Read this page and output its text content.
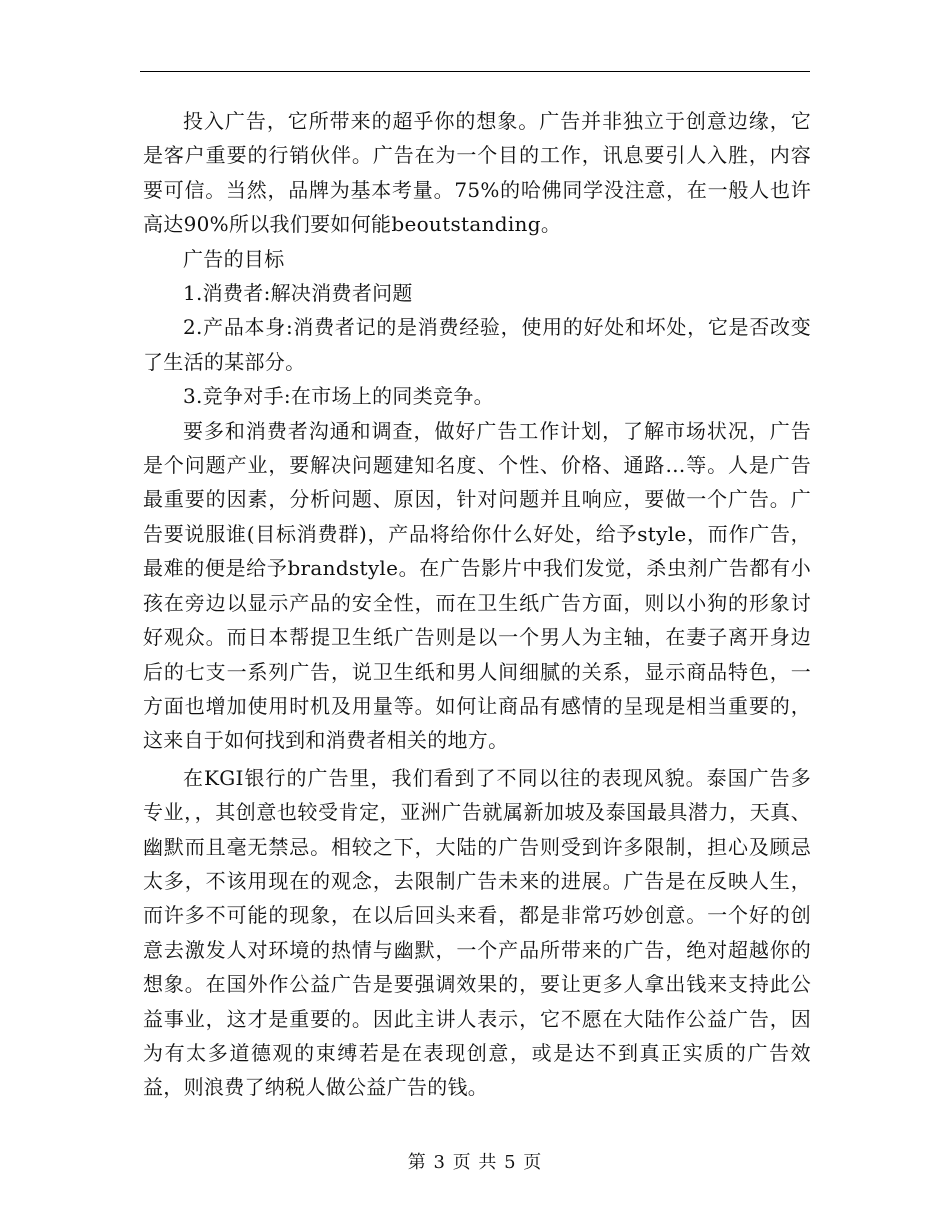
投入广告，它所带来的超乎你的想象。广告并非独立于创意边缘，它是客户重要的行销伙伴。广告在为一个目的工作，讯息要引人入胜，内容要可信。当然，品牌为基本考量。75%的哈佛同学没注意，在一般人也许高达90%所以我们要如何能beoutstanding。

广告的目标

1.消费者:解决消费者问题

2.产品本身:消费者记的是消费经验，使用的好处和坏处，它是否改变了生活的某部分。

3.竞争对手:在市场上的同类竞争。

要多和消费者沟通和调查，做好广告工作计划，了解市场状况，广告是个问题产业，要解决问题建知名度、个性、价格、通路…等。人是广告最重要的因素，分析问题、原因，针对问题并且响应，要做一个广告。广告要说服谁(目标消费群)，产品将给你什么好处，给予style，而作广告，最难的便是给予brandstyle。在广告影片中我们发觉，杀虫剂广告都有小孩在旁边以显示产品的安全性，而在卫生纸广告方面，则以小狗的形象讨好观众。而日本帮提卫生纸广告则是以一个男人为主轴，在妻子离开身边后的七支一系列广告，说卫生纸和男人间细腻的关系，显示商品特色，一方面也增加使用时机及用量等。如何让商品有感情的呈现是相当重要的，这来自于如何找到和消费者相关的地方。

在KGI银行的广告里，我们看到了不同以往的表现风貌。泰国广告多专业，，其创意也较受肯定，亚洲广告就属新加坡及泰国最具潜力，天真、幽默而且毫无禁忌。相较之下，大陆的广告则受到许多限制，担心及顾忌太多，不该用现在的观念，去限制广告未来的进展。广告是在反映人生，而许多不可能的现象，在以后回头来看，都是非常巧妙创意。一个好的创意去激发人对环境的热情与幽默，一个产品所带来的广告，绝对超越你的想象。在国外作公益广告是要强调效果的，要让更多人拿出钱来支持此公益事业，这才是重要的。因此主讲人表示，它不愿在大陆作公益广告，因为有太多道德观的束缚若是在表现创意，或是达不到真正实质的广告效益，则浪费了纳税人做公益广告的钱。

第 3 页 共 5 页
